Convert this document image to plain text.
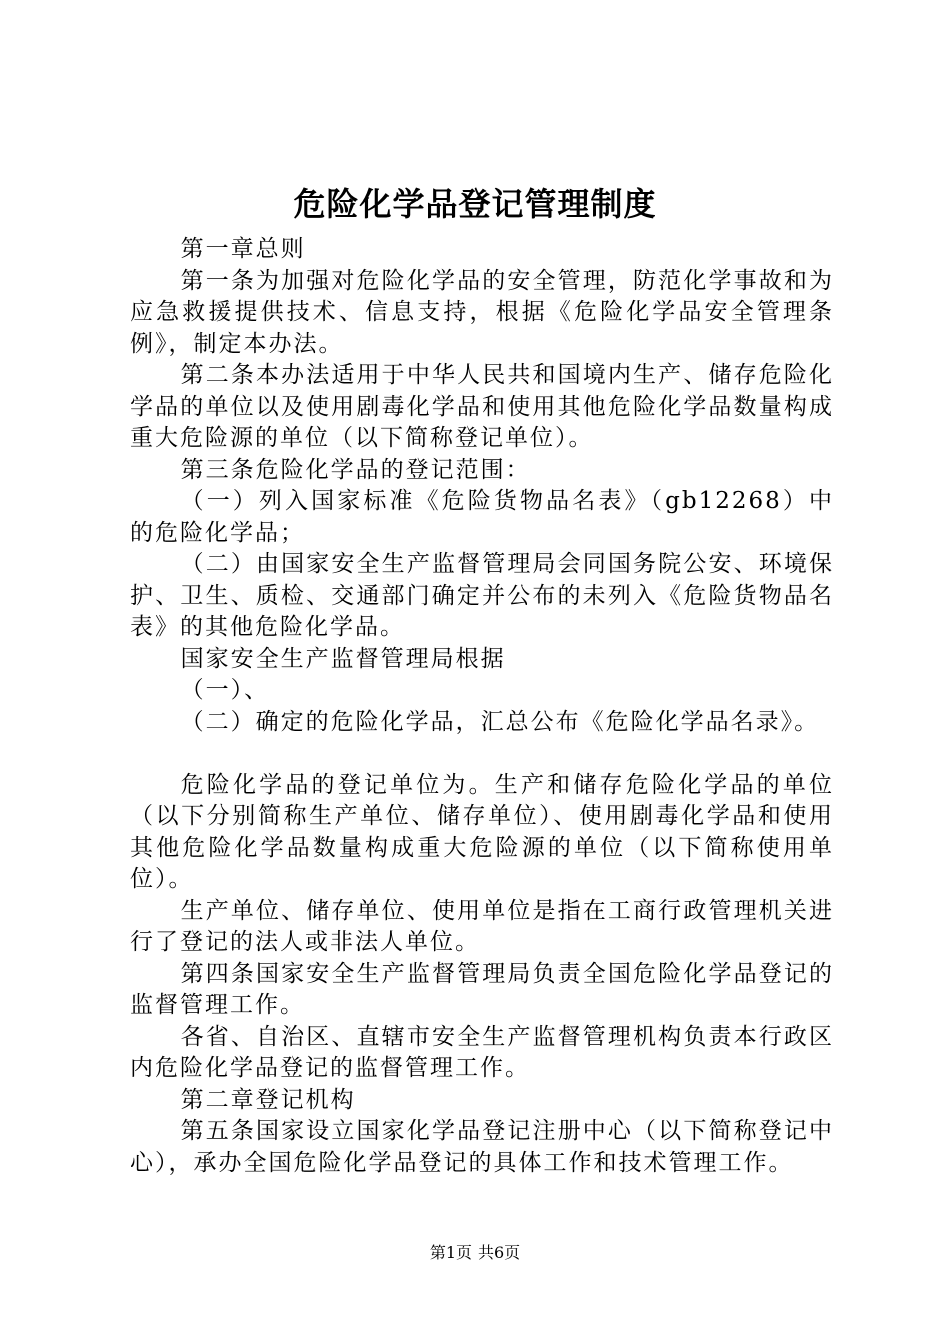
危险化学品登记管理制度

第一章总则

第一条为加强对危险化学品的安全管理，防范化学事故和为应急救援提供技术、信息支持，根据《危险化学品安全管理条例》，制定本办法。

第二条本办法适用于中华人民共和国境内生产、储存危险化学品的单位以及使用剧毒化学品和使用其他危险化学品数量构成重大危险源的单位（以下简称登记单位）。

第三条危险化学品的登记范围：

（一）列入国家标准《危险货物品名表》（gb12268）中的危险化学品；

（二）由国家安全生产监督管理局会同国务院公安、环境保护、卫生、质检、交通部门确定并公布的未列入《危险货物品名表》的其他危险化学品。

国家安全生产监督管理局根据

（一）、

（二）确定的危险化学品，汇总公布《危险化学品名录》。

危险化学品的登记单位为。生产和储存危险化学品的单位（以下分别简称生产单位、储存单位）、使用剧毒化学品和使用其他危险化学品数量构成重大危险源的单位（以下简称使用单位）。

生产单位、储存单位、使用单位是指在工商行政管理机关进行了登记的法人或非法人单位。

第四条国家安全生产监督管理局负责全国危险化学品登记的监督管理工作。

各省、自治区、直辖市安全生产监督管理机构负责本行政区内危险化学品登记的监督管理工作。

第二章登记机构

第五条国家设立国家化学品登记注册中心（以下简称登记中心），承办全国危险化学品登记的具体工作和技术管理工作。

第1页 共6页
